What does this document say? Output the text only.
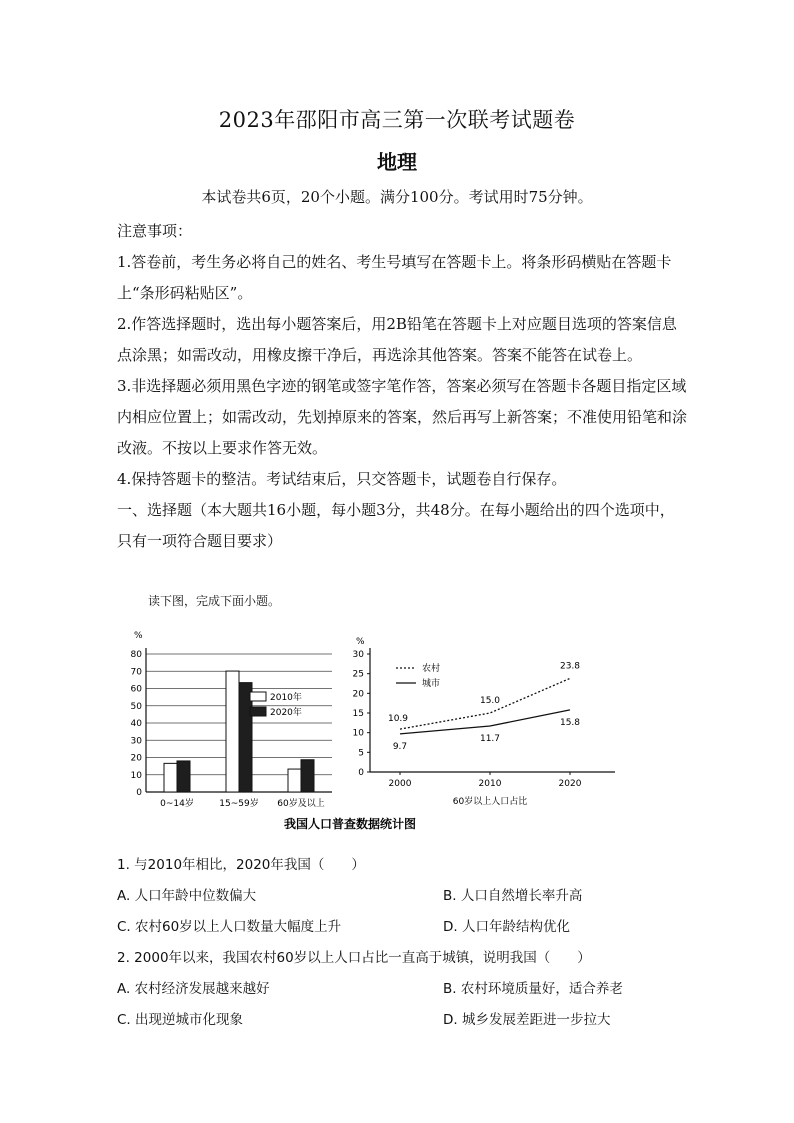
2023年邵阳市高三第一次联考试题卷
地理
本试卷共6页，20个小题。满分100分。考试用时75分钟。

注意事项：

1.答卷前，考生务必将自己的姓名、考生号填写在答题卡上。将条形码横贴在答题卡上“条形码粘贴区”。

2.作答选择题时，选出每小题答案后，用2B铅笔在答题卡上对应题目选项的答案信息点涂黑；如需改动，用橡皮擦干净后，再选涂其他答案。答案不能答在试卷上。

3.非选择题必须用黑色字迹的钢笔或签字笔作答，答案必须写在答题卡各题目指定区域内相应位置上；如需改动，先划掉原来的答案，然后再写上新答案；不准使用铅笔和涂改液。不按以上要求作答无效。

4.保持答题卡的整洁。考试结束后，只交答题卡，试题卷自行保存。

一、选择题（本大题共16小题，每小题3分，共48分。在每小题给出的四个选项中，只有一项符合题目要求）

读下图，完成下面小题。
%
0
10
20
30
40
50
60
70
80
0~14岁	15~59岁 60岁及以上
2010年
2020年
%
0
5
10
15
20
25
30
2000	2010	2020
60岁以上人口占比
农村
城市
10.9
15.0
23.8
9.7
11.7
15.8
我国人口普查数据统计图
1. 与2010年相比，2020年我国（　　）
A. 人口年龄中位数偏大	B. 人口自然增长率升高
C. 农村60岁以上人口数量大幅度上升	D. 人口年龄结构优化
2. 2000年以来，我国农村60岁以上人口占比一直高于城镇，说明我国（　　）
A. 农村经济发展越来越好	B. 农村环境质量好，适合养老
C. 出现逆城市化现象	D. 城乡发展差距进一步拉大
